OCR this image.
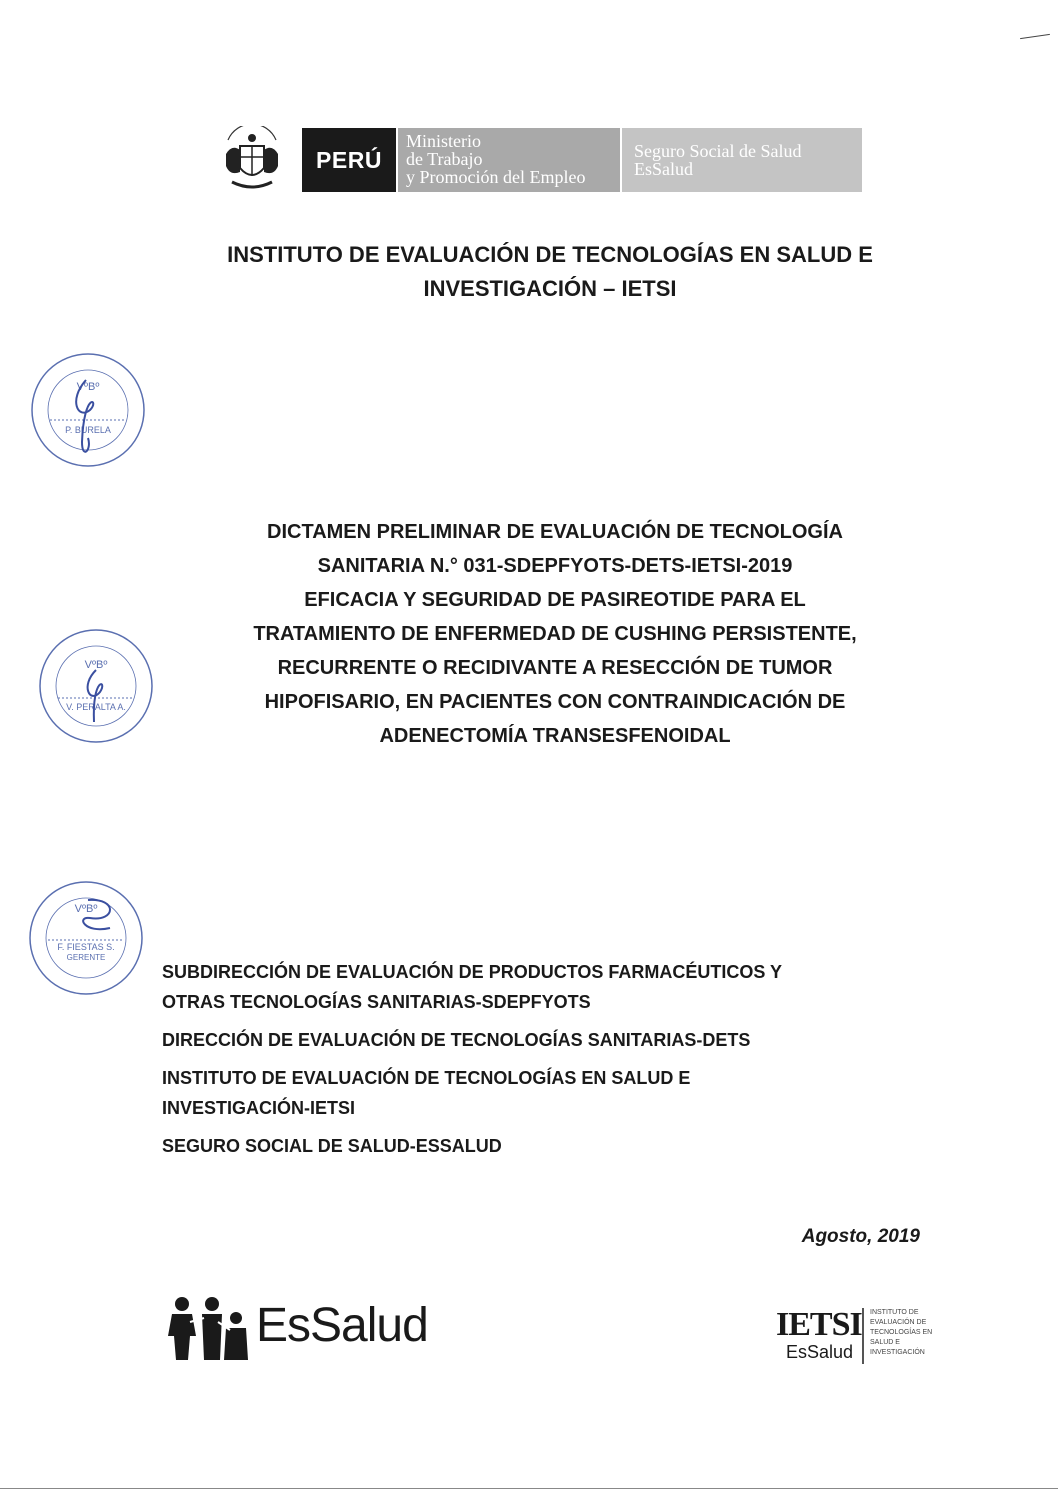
PERÚ
Ministerio
de Trabajo
y Promoción del Empleo
Seguro Social de Salud
EsSalud
INSTITUTO DE EVALUACIÓN DE TECNOLOGÍAS EN SALUD E
INVESTIGACIÓN – IETSI
VºBº
P. BURELA
VºBº
V. PERALTA A.
VºBº
F. FIESTAS S.
GERENTE
DICTAMEN PRELIMINAR DE EVALUACIÓN DE TECNOLOGÍA
SANITARIA N.° 031-SDEPFYOTS-DETS-IETSI-2019
EFICACIA Y SEGURIDAD DE PASIREOTIDE PARA EL
TRATAMIENTO DE ENFERMEDAD DE CUSHING PERSISTENTE,
RECURRENTE O RECIDIVANTE A RESECCIÓN DE TUMOR
HIPOFISARIO, EN PACIENTES CON CONTRAINDICACIÓN DE
ADENECTOMÍA TRANSESFENOIDAL
SUBDIRECCIÓN DE EVALUACIÓN DE PRODUCTOS FARMACÉUTICOS Y
OTRAS TECNOLOGÍAS SANITARIAS-SDEPFYOTS
DIRECCIÓN DE EVALUACIÓN DE TECNOLOGÍAS SANITARIAS-DETS
INSTITUTO DE EVALUACIÓN DE TECNOLOGÍAS EN SALUD E
INVESTIGACIÓN-IETSI
SEGURO SOCIAL DE SALUD-ESSALUD
Agosto, 2019
EsSalud	IETSI
EsSalud
INSTITUTO DE
EVALUACIÓN DE
TECNOLOGÍAS EN
SALUD E
INVESTIGACIÓN
